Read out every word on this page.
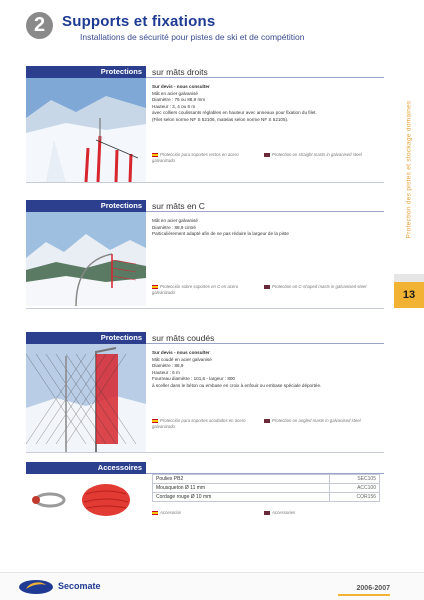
2	Supports et fixations
Installations de sécurité pour pistes de ski et de compétition
Protection des pistes et stockage domaines
13
Protections	sur mâts droits
Sur devis - nous consulter
Mât en acier galvanisé
Diamètre : 76 ou 88,9 mm
Hauteur : 3, 4 ou 6 m
avec colliers coulissants réglables en hauteur avec anneaux pour fixation du filet.
(Filet selon norme NF S 52106, matelas selon norme NF S 52105).
Protección para soportes rectos en acero galvanizado
Protection on straight masts in galvanised steel
Protections	sur mâts en C
Mât en acier galvanisé
Diamètre : 88,9 cintré
Particulièrement adapté afin de ne pas réduire la largeur de la piste
Protección sobre soportes en C en acero galvanizado
Protection on C-shaped masts in galvanised steel
Protections	sur mâts coudés
Sur devis - nous consulter
Mât coudé en acier galvanisé
Diamètre : 88,9
Hauteur : 6 m
Fourreau diamètre : 101,6 - largeur : 800
à sceller dans le béton ou embase en croix à enfouir ou embase spéciale déportée.
Protección para soportes acodados en acero galvanizado
Protection on angled masts in galvanised steel
Accessoires
Poulies PB2	SEC105
Mousqueton Ø 11 mm	ACC100
Cordage rouge Ø 10 mm	COR156
Accesorios	Accessories
Secomate	2006-2007
